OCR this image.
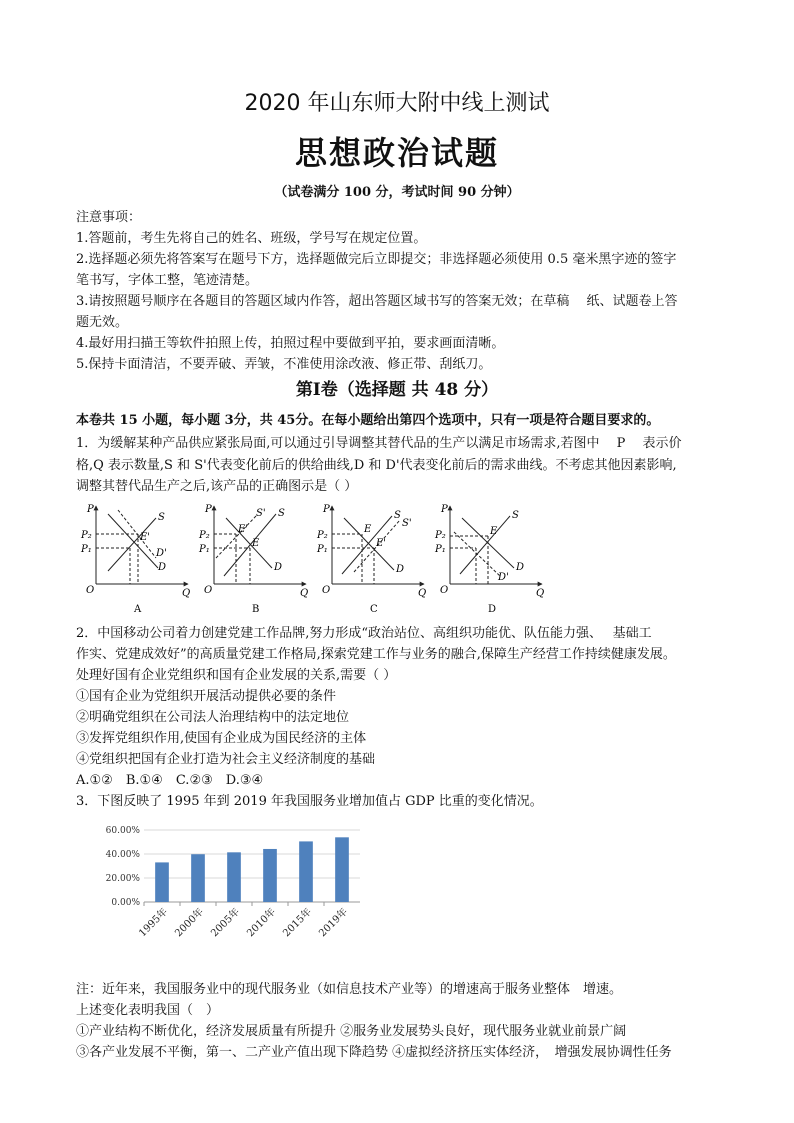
2020 年山东师大附中线上测试
思想政治试题
（试卷满分 100 分，考试时间 90 分钟）
注意事项：
1.答题前，考生先将自己的姓名、班级，学号写在规定位置。
2.选择题必须先将答案写在题号下方，选择题做完后立即提交；非选择题必须使用 0.5 毫米黑字迹的签字
笔书写，字体工整，笔迹清楚。
3.请按照题号顺序在各题目的答题区域内作答，超出答题区域书写的答案无效；在草稿　 纸、试题卷上答
题无效。
4.最好用扫描王等软件拍照上传，拍照过程中要做到平拍，要求画面清晰。
5.保持卡面清洁，不要弄破、弄皱，不准使用涂改液、修正带、刮纸刀。
第Ⅰ卷（选择题 共 48 分）
本卷共 15 小题，每小题 3分，共 45分。在每小题给出第四个选项中，只有一项是符合题目要求的。
1．为缓解某种产品供应紧张局面,可以通过引导调整其替代品的生产以满足市场需求,若图中　 P　 表示价
格,Q 表示数量,S 和 S'代表变化前后的供给曲线,D 和 D'代表变化前后的需求曲线。不考虑其他因素影响,
调整其替代品生产之后,该产品的正确图示是（ ）
P
Q
O
P₂
P₁
S
D
D'
E'
A
P
Q
O
P₂
P₁
S
S'
D
E'
E
B
P
Q
O
P₂
P₁
S
S'
D
E
E'
C
P
Q
O
P₂
P₁
S
D
D'
E
D
2．中国移动公司着力创建党建工作品牌,努力形成“政治站位、高组织功能优、队伍能力强、　 基础工
作实、党建成效好”的高质量党建工作格局,探索党建工作与业务的融合,保障生产经营工作持续健康发展。
处理好国有企业党组织和国有企业发展的关系,需要（ ）
①国有企业为党组织开展活动提供必要的条件
②明确党组织在公司法人治理结构中的法定地位
③发挥党组织作用,使国有企业成为国民经济的主体
④党组织把国有企业打造为社会主义经济制度的基础
A.①②　B.①④　C.②③　D.③④
3．下图反映了 1995 年到 2019 年我国服务业增加值占 GDP 比重的变化情况。
0.00%
20.00%
40.00%
60.00%
1995年 2000年 2005年 2010年 2015年 2019年
注：近年来，我国服务业中的现代服务业（如信息技术产业等）的增速高于服务业整体　增速。
上述变化表明我国（　）
①产业结构不断优化，经济发展质量有所提升 ②服务业发展势头良好，现代服务业就业前景广阔
③各产业发展不平衡，第一、二产业产值出现下降趋势 ④虚拟经济挤压实体经济，　增强发展协调性任务
